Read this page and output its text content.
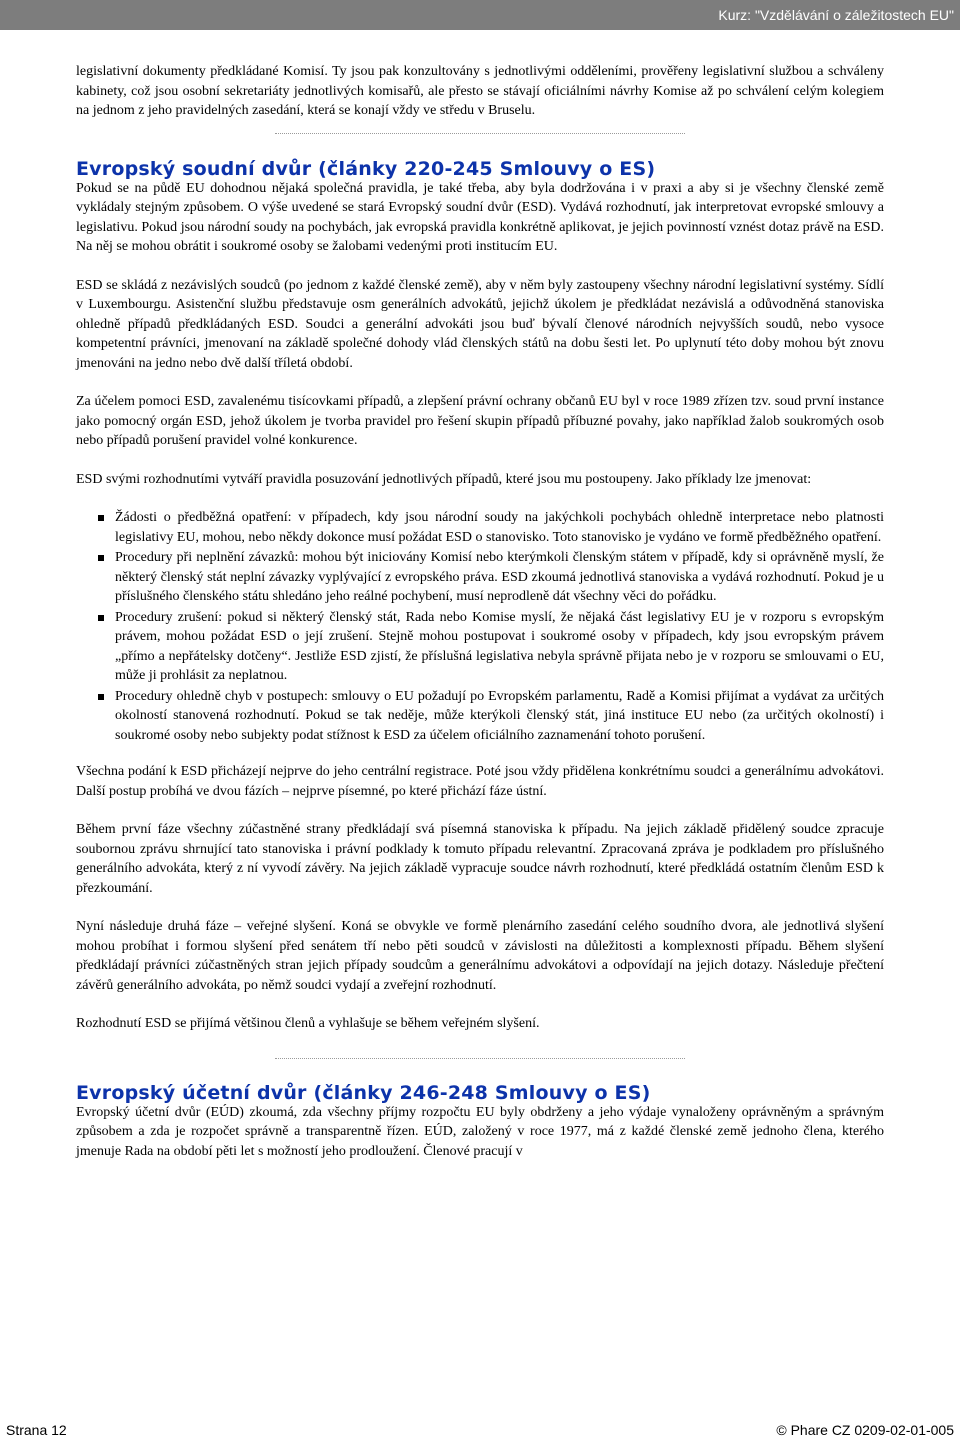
Kurz: "Vzdělávání o záležitostech EU"

legislativní dokumenty předkládané Komisí. Ty jsou pak konzultovány s jednotlivými odděleními, prověřeny legislativní službou a schváleny kabinety, což jsou osobní sekretariáty jednotlivých komisařů, ale přesto se stávají oficiálními návrhy Komise až po schválení celým kolegiem na jednom z jeho pravidelných zasedání, která se konají vždy ve středu v Bruselu.

Evropský soudní dvůr (články 220-245 Smlouvy o ES)

Pokud se na půdě EU dohodnou nějaká společná pravidla, je také třeba, aby byla dodržována i v praxi a aby si je všechny členské země vykládaly stejným způsobem. O výše uvedené se stará Evropský soudní dvůr (ESD). Vydává rozhodnutí, jak interpretovat evropské smlouvy a legislativu. Pokud jsou národní soudy na pochybách, jak evropská pravidla konkrétně aplikovat, je jejich povinností vznést dotaz právě na ESD. Na něj se mohou obrátit i soukromé osoby se žalobami vedenými proti institucím EU.

ESD se skládá z nezávislých soudců (po jednom z každé členské země), aby v něm byly zastoupeny všechny národní legislativní systémy. Sídlí v Luxembourgu. Asistenční službu představuje osm generálních advokátů, jejichž úkolem je předkládat nezávislá a odůvodněná stanoviska ohledně případů předkládaných ESD. Soudci a generální advokáti jsou buď bývalí členové národních nejvyšších soudů, nebo vysoce kompetentní právníci, jmenovaní na základě společné dohody vlád členských států na dobu šesti let. Po uplynutí této doby mohou být znovu jmenováni na jedno nebo dvě další tříletá období.

Za účelem pomoci ESD, zavalenému tisícovkami případů, a zlepšení právní ochrany občanů EU byl v roce 1989 zřízen tzv. soud první instance jako pomocný orgán ESD, jehož úkolem je tvorba pravidel pro řešení skupin případů příbuzné povahy, jako například žalob soukromých osob nebo případů porušení pravidel volné konkurence.

ESD svými rozhodnutími vytváří pravidla posuzování jednotlivých případů, které jsou mu postoupeny. Jako příklady lze jmenovat:

Žádosti o předběžná opatření: v případech, kdy jsou národní soudy na jakýchkoli pochybách ohledně interpretace nebo platnosti legislativy EU, mohou, nebo někdy dokonce musí požádat ESD o stanovisko. Toto stanovisko je vydáno ve formě předběžného opatření.
Procedury při neplnění závazků: mohou být iniciovány Komisí nebo kterýmkoli členským státem v případě, kdy si oprávněně myslí, že některý členský stát neplní závazky vyplývající z evropského práva. ESD zkoumá jednotlivá stanoviska a vydává rozhodnutí. Pokud je u příslušného členského státu shledáno jeho reálné pochybení, musí neprodleně dát všechny věci do pořádku.
Procedury zrušení: pokud si některý členský stát, Rada nebo Komise myslí, že nějaká část legislativy EU je v rozporu s evropským právem, mohou požádat ESD o její zrušení. Stejně mohou postupovat i soukromé osoby v případech, kdy jsou evropským právem „přímo a nepřátelsky dotčeny“. Jestliže ESD zjistí, že příslušná legislativa nebyla správně přijata nebo je v rozporu se smlouvami o EU, může ji prohlásit za neplatnou.
Procedury ohledně chyb v postupech: smlouvy o EU požadují po Evropském parlamentu, Radě a Komisi přijímat a vydávat za určitých okolností stanovená rozhodnutí. Pokud se tak neděje, může kterýkoli členský stát, jiná instituce EU nebo (za určitých okolností) i soukromé osoby nebo subjekty podat stížnost k ESD za účelem oficiálního zaznamenání tohoto porušení.

Všechna podání k ESD přicházejí nejprve do jeho centrální registrace. Poté jsou vždy přidělena konkrétnímu soudci a generálnímu advokátovi. Další postup probíhá ve dvou fázích – nejprve písemné, po které přichází fáze ústní.

Během první fáze všechny zúčastněné strany předkládají svá písemná stanoviska k případu. Na jejich základě přidělený soudce zpracuje soubornou zprávu shrnující tato stanoviska i právní podklady k tomuto případu relevantní. Zpracovaná zpráva je podkladem pro příslušného generálního advokáta, který z ní vyvodí závěry. Na jejich základě vypracuje soudce návrh rozhodnutí, které předkládá ostatním členům ESD k přezkoumání.

Nyní následuje druhá fáze – veřejné slyšení. Koná se obvykle ve formě plenárního zasedání celého soudního dvora, ale jednotlivá slyšení mohou probíhat i formou slyšení před senátem tří nebo pěti soudců v závislosti na důležitosti a komplexnosti případu. Během slyšení předkládají právníci zúčastněných stran jejich případy soudcům a generálnímu advokátovi a odpovídají na jejich dotazy. Následuje přečtení závěrů generálního advokáta, po němž soudci vydají a zveřejní rozhodnutí.

Rozhodnutí ESD se přijímá většinou členů a vyhlašuje se během veřejném slyšení.

Evropský účetní dvůr (články 246-248 Smlouvy o ES)

Evropský účetní dvůr (EÚD) zkoumá, zda všechny příjmy rozpočtu EU byly obdrženy a jeho výdaje vynaloženy oprávněným a správným způsobem a zda je rozpočet správně a transparentně řízen. EÚD, založený v roce 1977, má z každé členské země jednoho člena, kterého jmenuje Rada na období pěti let s možností jeho prodloužení. Členové pracují v

Strana 12	© Phare CZ 0209-02-01-005
